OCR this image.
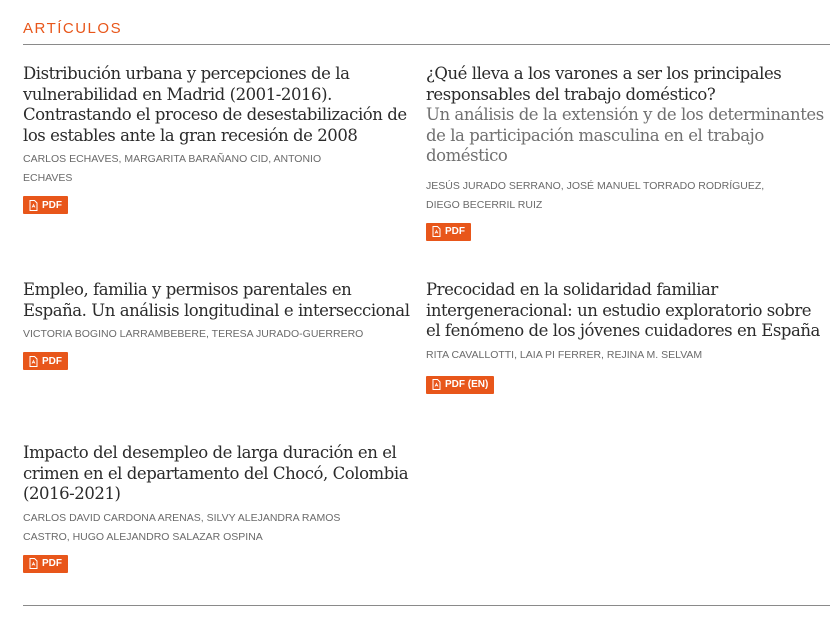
ARTÍCULOS
Distribución urbana y percepciones de la vulnerabilidad en Madrid (2001-2016). Contrastando el proceso de desestabilización de los estables ante la gran recesión de 2008
CARLOS ECHAVES, MARGARITA BARAÑANO CID, ANTONIO ECHAVES
PDF
¿Qué lleva a los varones a ser los principales responsables del trabajo doméstico?
Un análisis de la extensión y de los determinantes de la participación masculina en el trabajo doméstico
JESÚS JURADO SERRANO, JOSÉ MANUEL TORRADO RODRÍGUEZ, DIEGO BECERRIL RUIZ
PDF
Empleo, familia y permisos parentales en España. Un análisis longitudinal e interseccional
VICTORIA BOGINO LARRAMBEBERE, TERESA JURADO-GUERRERO
PDF
Precocidad en la solidaridad familiar intergeneracional: un estudio exploratorio sobre el fenómeno de los jóvenes cuidadores en España
RITA CAVALLOTTI, LAIA PI FERRER, REJINA M. SELVAM
PDF (EN)
Impacto del desempleo de larga duración en el crimen en el departamento del Chocó, Colombia (2016-2021)
CARLOS DAVID CARDONA ARENAS, SILVY ALEJANDRA RAMOS CASTRO, HUGO ALEJANDRO SALAZAR OSPINA
PDF
